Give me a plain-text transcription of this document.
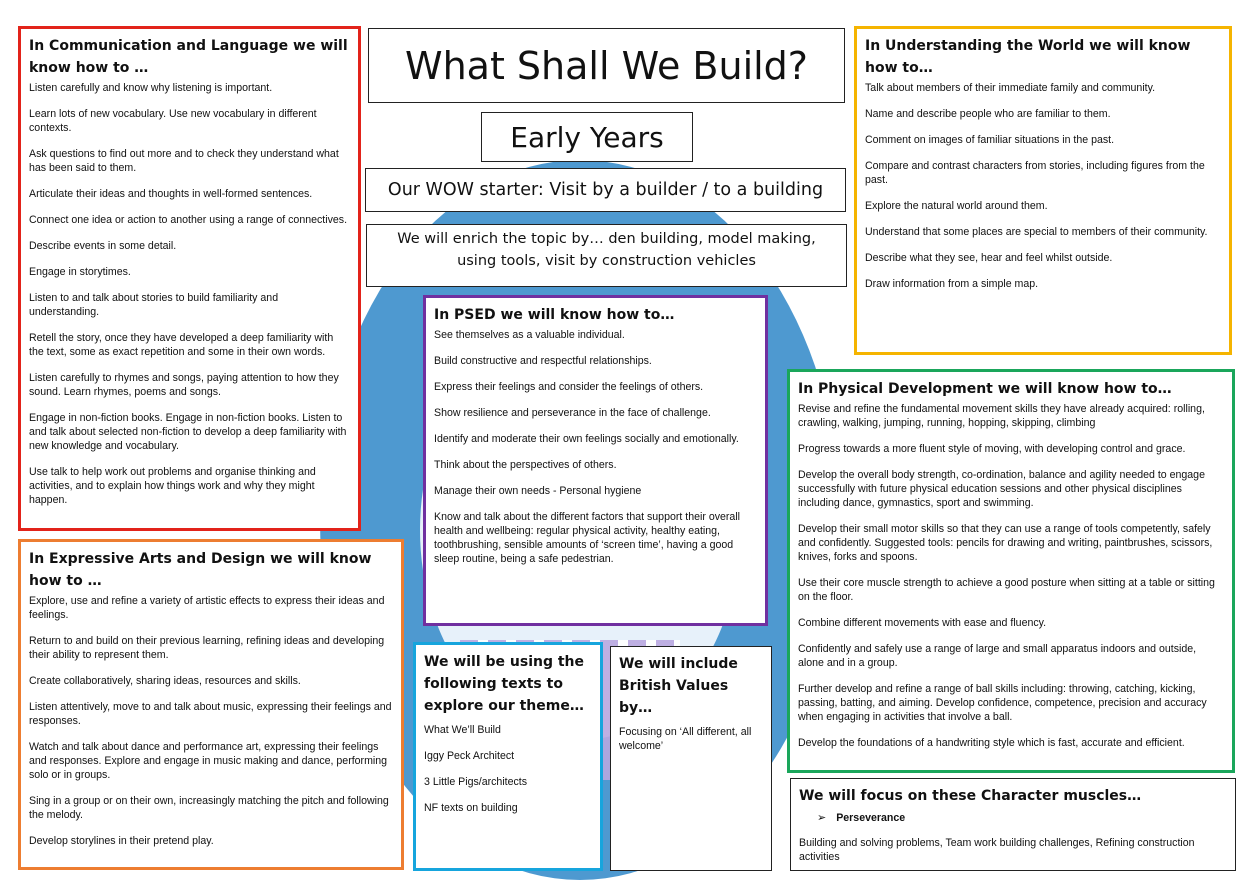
What Shall We Build?
Early Years
Our WOW starter: Visit by a builder / to a building
We will enrich the topic by… den building, model making, using tools, visit by construction vehicles
In Communication and Language we will know how to …
Listen carefully and know why listening is important.
Learn lots of new vocabulary. Use new vocabulary in different contexts.
Ask questions to find out more and to check they understand what has been said to them.
Articulate their ideas and thoughts in well-formed sentences.
Connect one idea or action to another using a range of connectives.
Describe events in some detail.
Engage in storytimes.
Listen to and talk about stories to build familiarity and understanding.
Retell the story, once they have developed a deep familiarity with the text, some as exact repetition and some in their own words.
Listen carefully to rhymes and songs, paying attention to how they sound. Learn rhymes, poems and songs.
Engage in non-fiction books. Engage in non-fiction books. Listen to and talk about selected non-fiction to develop a deep familiarity with new knowledge and vocabulary.
Use talk to help work out problems and organise thinking and activities, and to explain how things work and why they might happen.
In Understanding the World we will know how to…
Talk about members of their immediate family and community.
Name and describe people who are familiar to them.
Comment on images of familiar situations in the past.
Compare and contrast characters from stories, including figures from the past.
Explore the natural world around them.
Understand that some places are special to members of their community.
Describe what they see, hear and feel whilst outside.
Draw information from a simple map.
In PSED we will know how to…
See themselves as a valuable individual.
Build constructive and respectful relationships.
Express their feelings and consider the feelings of others.
Show resilience and perseverance in the face of challenge.
Identify and moderate their own feelings socially and emotionally.
Think about the perspectives of others.
Manage their own needs - Personal hygiene
Know and talk about the different factors that support their overall health and wellbeing: regular physical activity, healthy eating, toothbrushing, sensible amounts of ‘screen time’, having a good sleep routine, being a safe pedestrian.
In Physical Development we will know how to…
Revise and refine the fundamental movement skills they have already acquired: rolling, crawling, walking, jumping, running, hopping, skipping, climbing
Progress towards a more fluent style of moving, with developing control and grace.
Develop the overall body strength, co-ordination, balance and agility needed to engage successfully with future physical education sessions and other physical disciplines including dance, gymnastics, sport and swimming.
Develop their small motor skills so that they can use a range of tools competently, safely and confidently. Suggested tools: pencils for drawing and writing, paintbrushes, scissors, knives, forks and spoons.
Use their core muscle strength to achieve a good posture when sitting at a table or sitting on the floor.
Combine different movements with ease and fluency.
Confidently and safely use a range of large and small apparatus indoors and outside, alone and in a group.
Further develop and refine a range of ball skills including: throwing, catching, kicking, passing, batting, and aiming. Develop confidence, competence, precision and accuracy when engaging in activities that involve a ball.
Develop the foundations of a handwriting style which is fast, accurate and efficient.
In Expressive Arts and Design we will know how to …
Explore, use and refine a variety of artistic effects to express their ideas and feelings.
Return to and build on their previous learning, refining ideas and developing their ability to represent them.
Create collaboratively, sharing ideas, resources and skills.
Listen attentively, move to and talk about music, expressing their feelings and responses.
Watch and talk about dance and performance art, expressing their feelings and responses. Explore and engage in music making and dance, performing solo or in groups.
Sing in a group or on their own, increasingly matching the pitch and following the melody.
Develop storylines in their pretend play.
We will be using the following texts to explore our theme…
What We’ll Build
Iggy Peck Architect
3 Little Pigs/architects
NF texts on building
We will include British Values by…
Focusing on ‘All different, all welcome’
We will focus on these Character muscles…
➢ Perseverance
Building and solving problems, Team work building challenges, Refining construction activities
